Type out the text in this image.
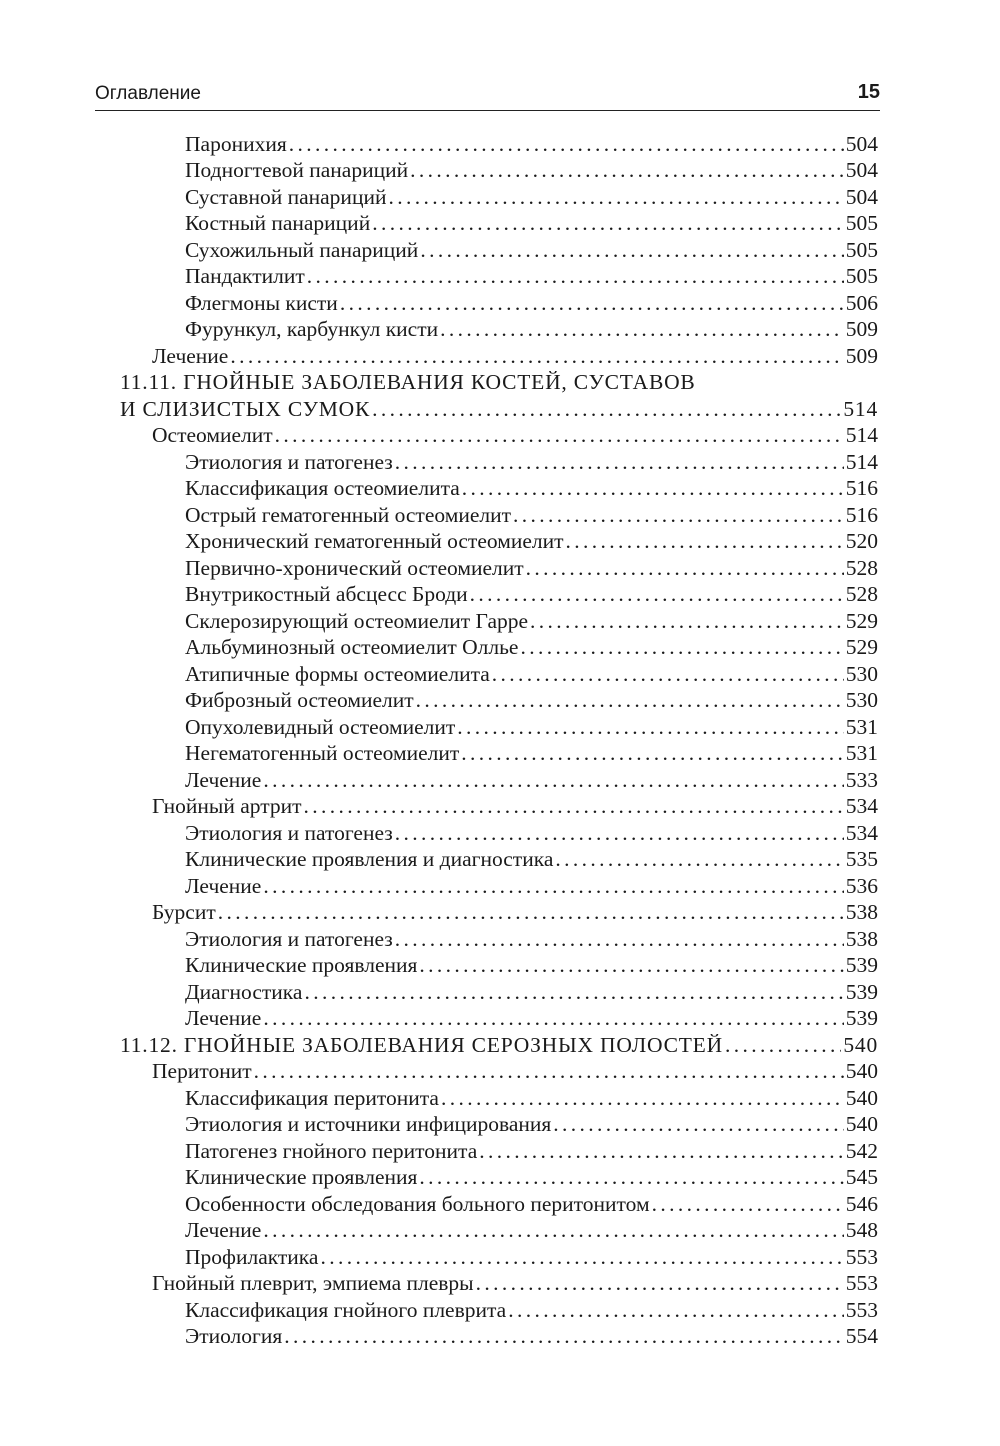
Оглавление	15
Паронихия . . .	504
Подногтевой панариций . . .	504
Суставной панариций . . .	504
Костный панариций . . .	505
Сухожильный панариций . . .	505
Пандактилит . . .	505
Флегмоны кисти . . .	506
Фурункул, карбункул кисти . . .	509
Лечение . . .	509
11.11. ГНОЙНЫЕ ЗАБОЛЕВАНИЯ КОСТЕЙ, СУСТАВОВ
И СЛИЗИСТЫХ СУМОК . . .	514
Остеомиелит . . .	514
Этиология и патогенез . . .	514
Классификация остеомиелита . . .	516
Острый гематогенный остеомиелит . . .	516
Хронический гематогенный остеомиелит . . .	520
Первично-хронический остеомиелит . . .	528
Внутрикостный абсцесс Броди . . .	528
Склерозирующий остеомиелит Гарре . . .	529
Альбуминозный остеомиелит Оллье . . .	529
Атипичные формы остеомиелита . . .	530
Фиброзный остеомиелит . . .	530
Опухолевидный остеомиелит . . .	531
Негематогенный остеомиелит . . .	531
Лечение . . .	533
Гнойный артрит . . .	534
Этиология и патогенез . . .	534
Клинические проявления и диагностика . . .	535
Лечение . . .	536
Бурсит . . .	538
Этиология и патогенез . . .	538
Клинические проявления . . .	539
Диагностика . . .	539
Лечение . . .	539
11.12. ГНОЙНЫЕ ЗАБОЛЕВАНИЯ СЕРОЗНЫХ ПОЛОСТЕЙ . . .	540
Перитонит . . .	540
Классификация перитонита . . .	540
Этиология и источники инфицирования . . .	540
Патогенез гнойного перитонита . . .	542
Клинические проявления . . .	545
Особенности обследования больного перитонитом . . .	546
Лечение . . .	548
Профилактика . . .	553
Гнойный плеврит, эмпиема плевры . . .	553
Классификация гнойного плеврита . . .	553
Этиология . . .	554
